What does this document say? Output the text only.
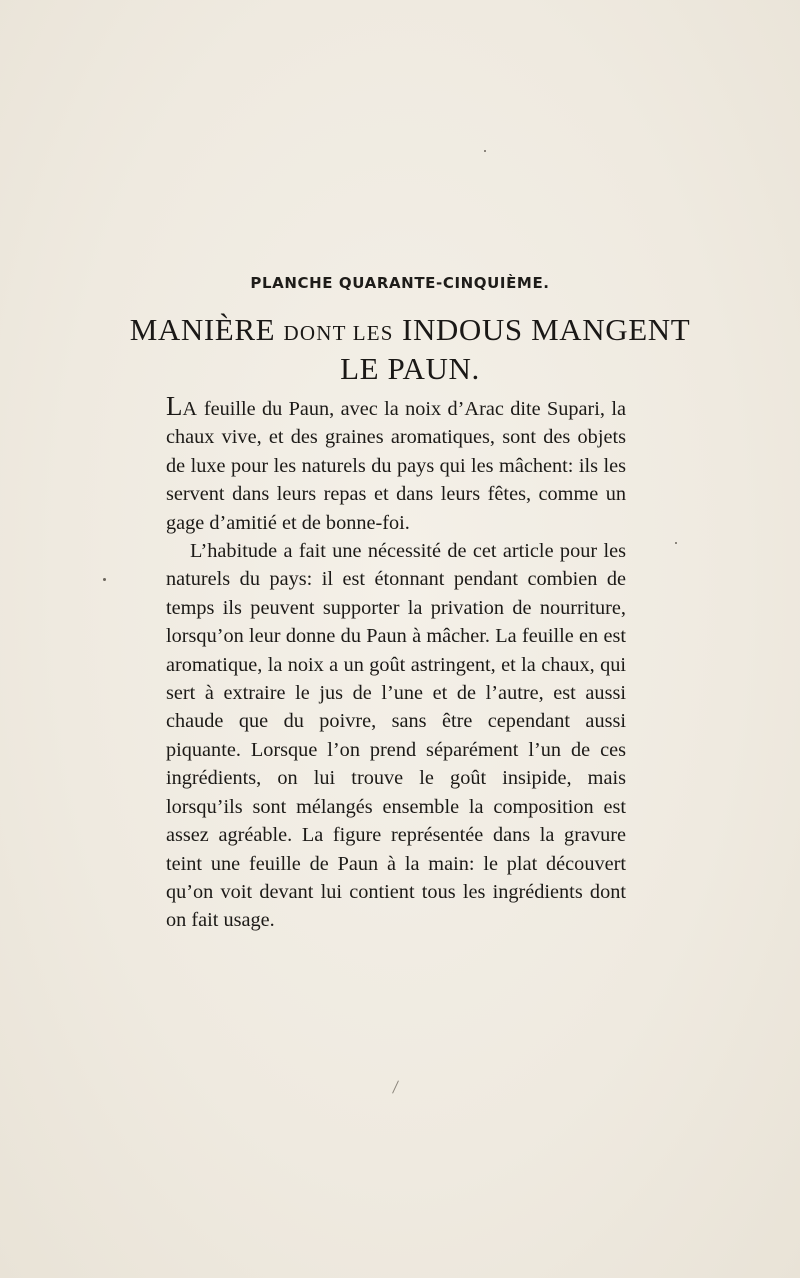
PLANCHE QUARANTE-CINQUIÈME.
MANIÈRE DONT LES INDOUS MANGENT
LE PAUN.

LA feuille du Paun, avec la noix d’Arac dite Supari, la chaux vive, et des graines aromatiques, sont des objets de luxe pour les naturels du pays qui les mâchent: ils les servent dans leurs repas et dans leurs fêtes, comme un gage d’amitié et de bonne-foi.

L’habitude a fait une nécessité de cet article pour les naturels du pays: il est étonnant pendant combien de temps ils peuvent supporter la privation de nourriture, lorsqu’on leur donne du Paun à mâcher. La feuille en est aromatique, la noix a un goût astringent, et la chaux, qui sert à extraire le jus de l’une et de l’autre, est aussi chaude que du poivre, sans être cependant aussi piquante. Lorsque l’on prend séparément l’un de ces ingrédients, on lui trouve le goût insipide, mais lorsqu’ils sont mélangés ensemble la composition est assez agréable. La figure représentée dans la gravure teint une feuille de Paun à la main: le plat découvert qu’on voit devant lui contient tous les ingrédients dont on fait usage.
